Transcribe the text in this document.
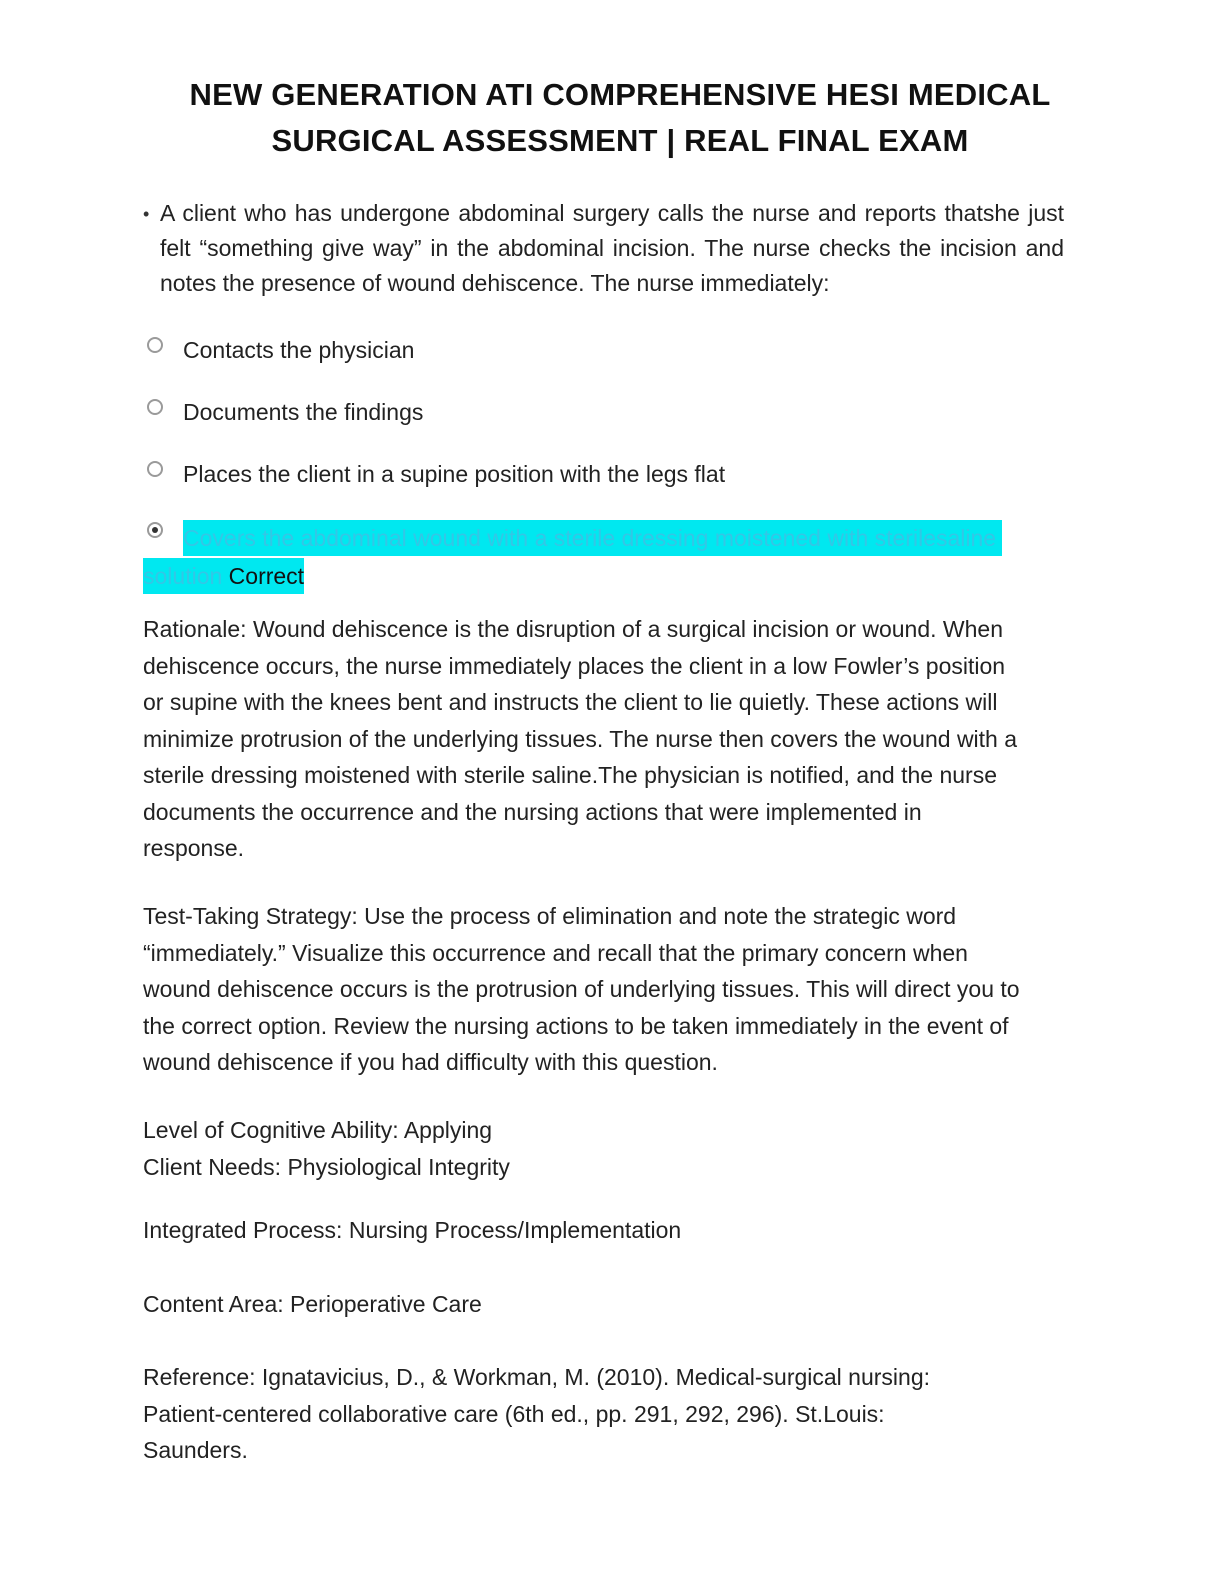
NEW GENERATION ATI COMPREHENSIVE HESI MEDICAL
SURGICAL ASSESSMENT | REAL FINAL EXAM
• A client who has undergone abdominal surgery calls the nurse and reports thatshe just felt “something give way” in the abdominal incision. The nurse checks the incision and notes the presence of wound dehiscence. The nurse immediately:
Contacts the physician
Documents the findings
Places the client in a supine position with the legs flat
Covers the abdominal wound with a sterile dressing moistened with sterilesaline
solution Correct

Rationale: Wound dehiscence is the disruption of a surgical incision or wound. When

dehiscence occurs, the nurse immediately places the client in a low Fowler’s position

or supine with the knees bent and instructs the client to lie quietly. These actions will

minimize protrusion of the underlying tissues. The nurse then covers the wound with a

sterile dressing moistened with sterile saline.The physician is notified, and the nurse

documents the occurrence and the nursing actions that were implemented in

response.

Test-Taking Strategy: Use the process of elimination and note the strategic word

“immediately.” Visualize this occurrence and recall that the primary concern when

wound dehiscence occurs is the protrusion of underlying tissues. This will direct you to

the correct option. Review the nursing actions to be taken immediately in the event of

wound dehiscence if you had difficulty with this question.

Level of Cognitive Ability: Applying
Client Needs: Physiological Integrity
Integrated Process: Nursing Process/Implementation
Content Area: Perioperative Care

Reference: Ignatavicius, D., & Workman, M. (2010). Medical-surgical nursing:

Patient-centered collaborative care (6th ed., pp. 291, 292, 296). St.Louis:

Saunders.
